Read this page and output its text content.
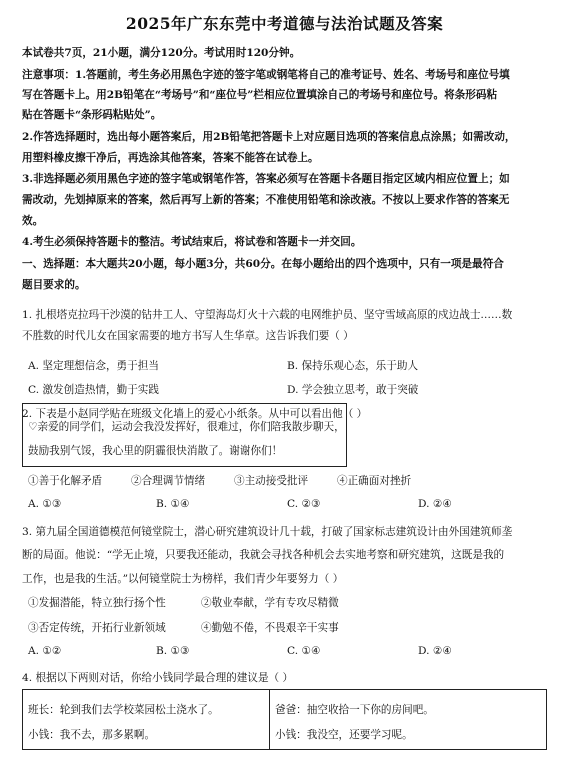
2025年广东东莞中考道德与法治试题及答案
本试卷共7页，21小题，满分120分。考试用时120分钟。
注意事项：1.答题前，考生务必用黑色字迹的签字笔或钢笔将自己的准考证号、姓名、考场号和座位号填
写在答题卡上。用2B铅笔在“考场号”和“座位号”栏相应位置填涂自己的考场号和座位号。将条形码粘
贴在答题卡“条形码粘贴处”。
2.作答选择题时，选出每小题答案后，用2B铅笔把答题卡上对应题目选项的答案信息点涂黑；如需改动，
用塑料橡皮擦干净后，再选涂其他答案，答案不能答在试卷上。
3.非选择题必须用黑色字迹的签字笔或钢笔作答，答案必须写在答题卡各题目指定区域内相应位置上；如
需改动，先划掉原来的答案，然后再写上新的答案；不准使用铅笔和涂改液。不按以上要求作答的答案无
效。
4.考生必须保持答题卡的整洁。考试结束后，将试卷和答题卡一并交回。
一、选择题：本大题共20小题，每小题3分，共60分。在每小题给出的四个选项中，只有一项是最符合
题目要求的。
1. 扎根塔克拉玛干沙漠的钻井工人、守望海岛灯火十六载的电网维护员、坚守雪域高原的戍边战士……数
不胜数的时代儿女在国家需要的地方书写人生华章。这告诉我们要（ ）
A. 坚定理想信念，勇于担当	B. 保持乐观心态，乐于助人
C. 激发创造热情，勤于实践	D. 学会独立思考，敢于突破
2. 下表是小赵同学贴在班级文化墙上的爱心小纸条。从中可以看出他（ ）
♡亲爱的同学们，运动会我没发挥好，很难过，你们陪我散步聊天，
鼓励我别气馁，我心里的阴霾很快消散了。谢谢你们！
①善于化解矛盾	②合理调节情绪	③主动接受批评	④正确面对挫折
A. ①③	B. ①④	C. ②③	D. ②④
3. 第九届全国道德模范何镜堂院士，潜心研究建筑设计几十载，打破了国家标志建筑设计由外国建筑师垄
断的局面。他说：“学无止境，只要我还能动，我就会寻找各种机会去实地考察和研究建筑，这既是我的
工作，也是我的生活。”以何镜堂院士为榜样，我们青少年要努力（ ）
①发掘潜能，特立独行扬个性	②敬业奉献，学有专攻尽精微
③否定传统，开拓行业新领域	④勤勉不倦，不畏艰辛干实事
A. ①②	B. ①③	C. ①④	D. ②④
4. 根据以下两则对话，你给小钱同学最合理的建议是（ ）
班长：轮到我们去学校菜园松土浇水了。
小钱：我不去，那多累啊。
爸爸：抽空收拾一下你的房间吧。
小钱：我没空，还要学习呢。
